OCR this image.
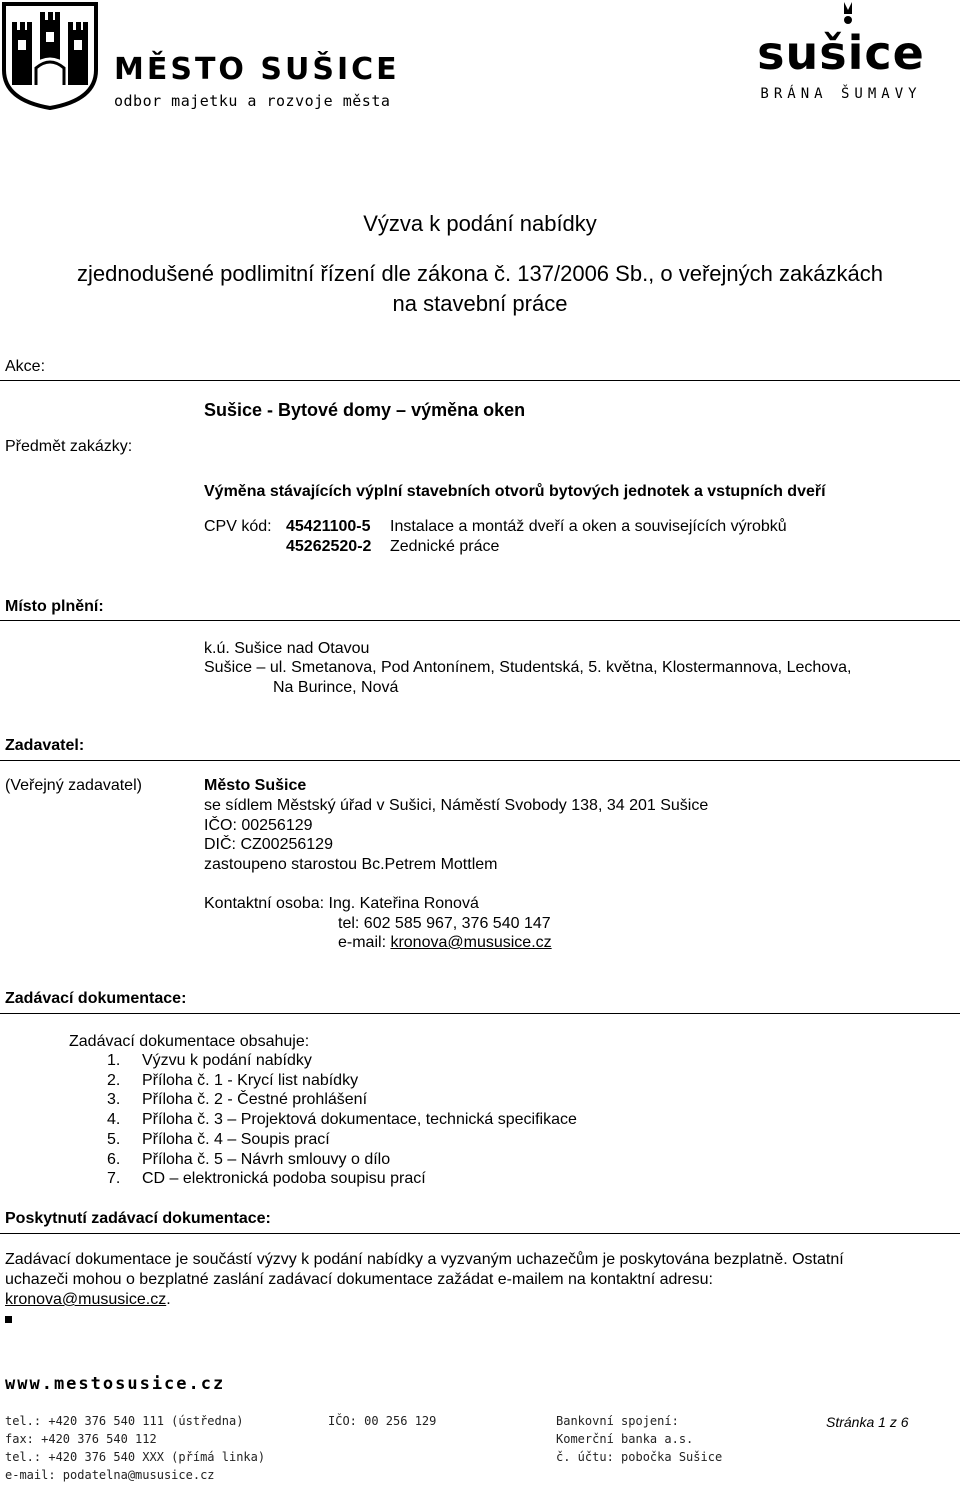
MĚSTO SUŠICE
odbor majetku a rozvoje města
sušice
BRÁNA ŠUMAVY
Výzva k podání nabídky
zjednodušené podlimitní řízení dle zákona č. 137/2006 Sb., o veřejných zakázkách
na stavební práce
Akce:
Sušice - Bytové domy – výměna oken
Předmět zakázky:
Výměna stávajících výplní stavebních otvorů bytových jednotek a vstupních dveří
CPV kód: 45421100-5 Instalace a montáž dveří a oken a souvisejících výrobků
45262520-2 Zednické práce
Místo plnění:
k.ú. Sušice nad Otavou
Sušice – ul. Smetanova, Pod Antonínem, Studentská, 5. května, Klostermannova, Lechova,
Na Burince, Nová
Zadavatel:
(Veřejný zadavatel)	Město Sušice
se sídlem Městský úřad v Sušici, Náměstí Svobody 138, 34 201 Sušice
IČO: 00256129
DIČ: CZ00256129
zastoupeno starostou Bc.Petrem Mottlem
Kontaktní osoba: Ing. Kateřina Ronová
tel: 602 585 967, 376 540 147
e-mail: kronova@mususice.cz
Zadávací dokumentace:
Zadávací dokumentace obsahuje:
1. Výzvu k podání nabídky
2. Příloha č. 1 - Krycí list nabídky
3. Příloha č. 2 - Čestné prohlášení
4. Příloha č. 3 – Projektová dokumentace, technická specifikace
5. Příloha č. 4 – Soupis prací
6. Příloha č. 5 – Návrh smlouvy o dílo
7. CD – elektronická podoba soupisu prací
Poskytnutí zadávací dokumentace:
Zadávací dokumentace je součástí výzvy k podání nabídky a vyzvaným uchazečům je poskytována bezplatně. Ostatní
uchazeči mohou o bezplatné zaslání zadávací dokumentace zažádat e-mailem na kontaktní adresu:
kronova@mususice.cz.
www.mestosusice.cz
tel.: +420 376 540 111 (ústředna)
fax: +420 376 540 112
tel.: +420 376 540 XXX (přímá linka)
e-mail: podatelna@mususice.cz
IČO: 00 256 129	Bankovní spojení:
Komerční banka a.s.
č. účtu: pobočka Sušice
Stránka 1 z 6
